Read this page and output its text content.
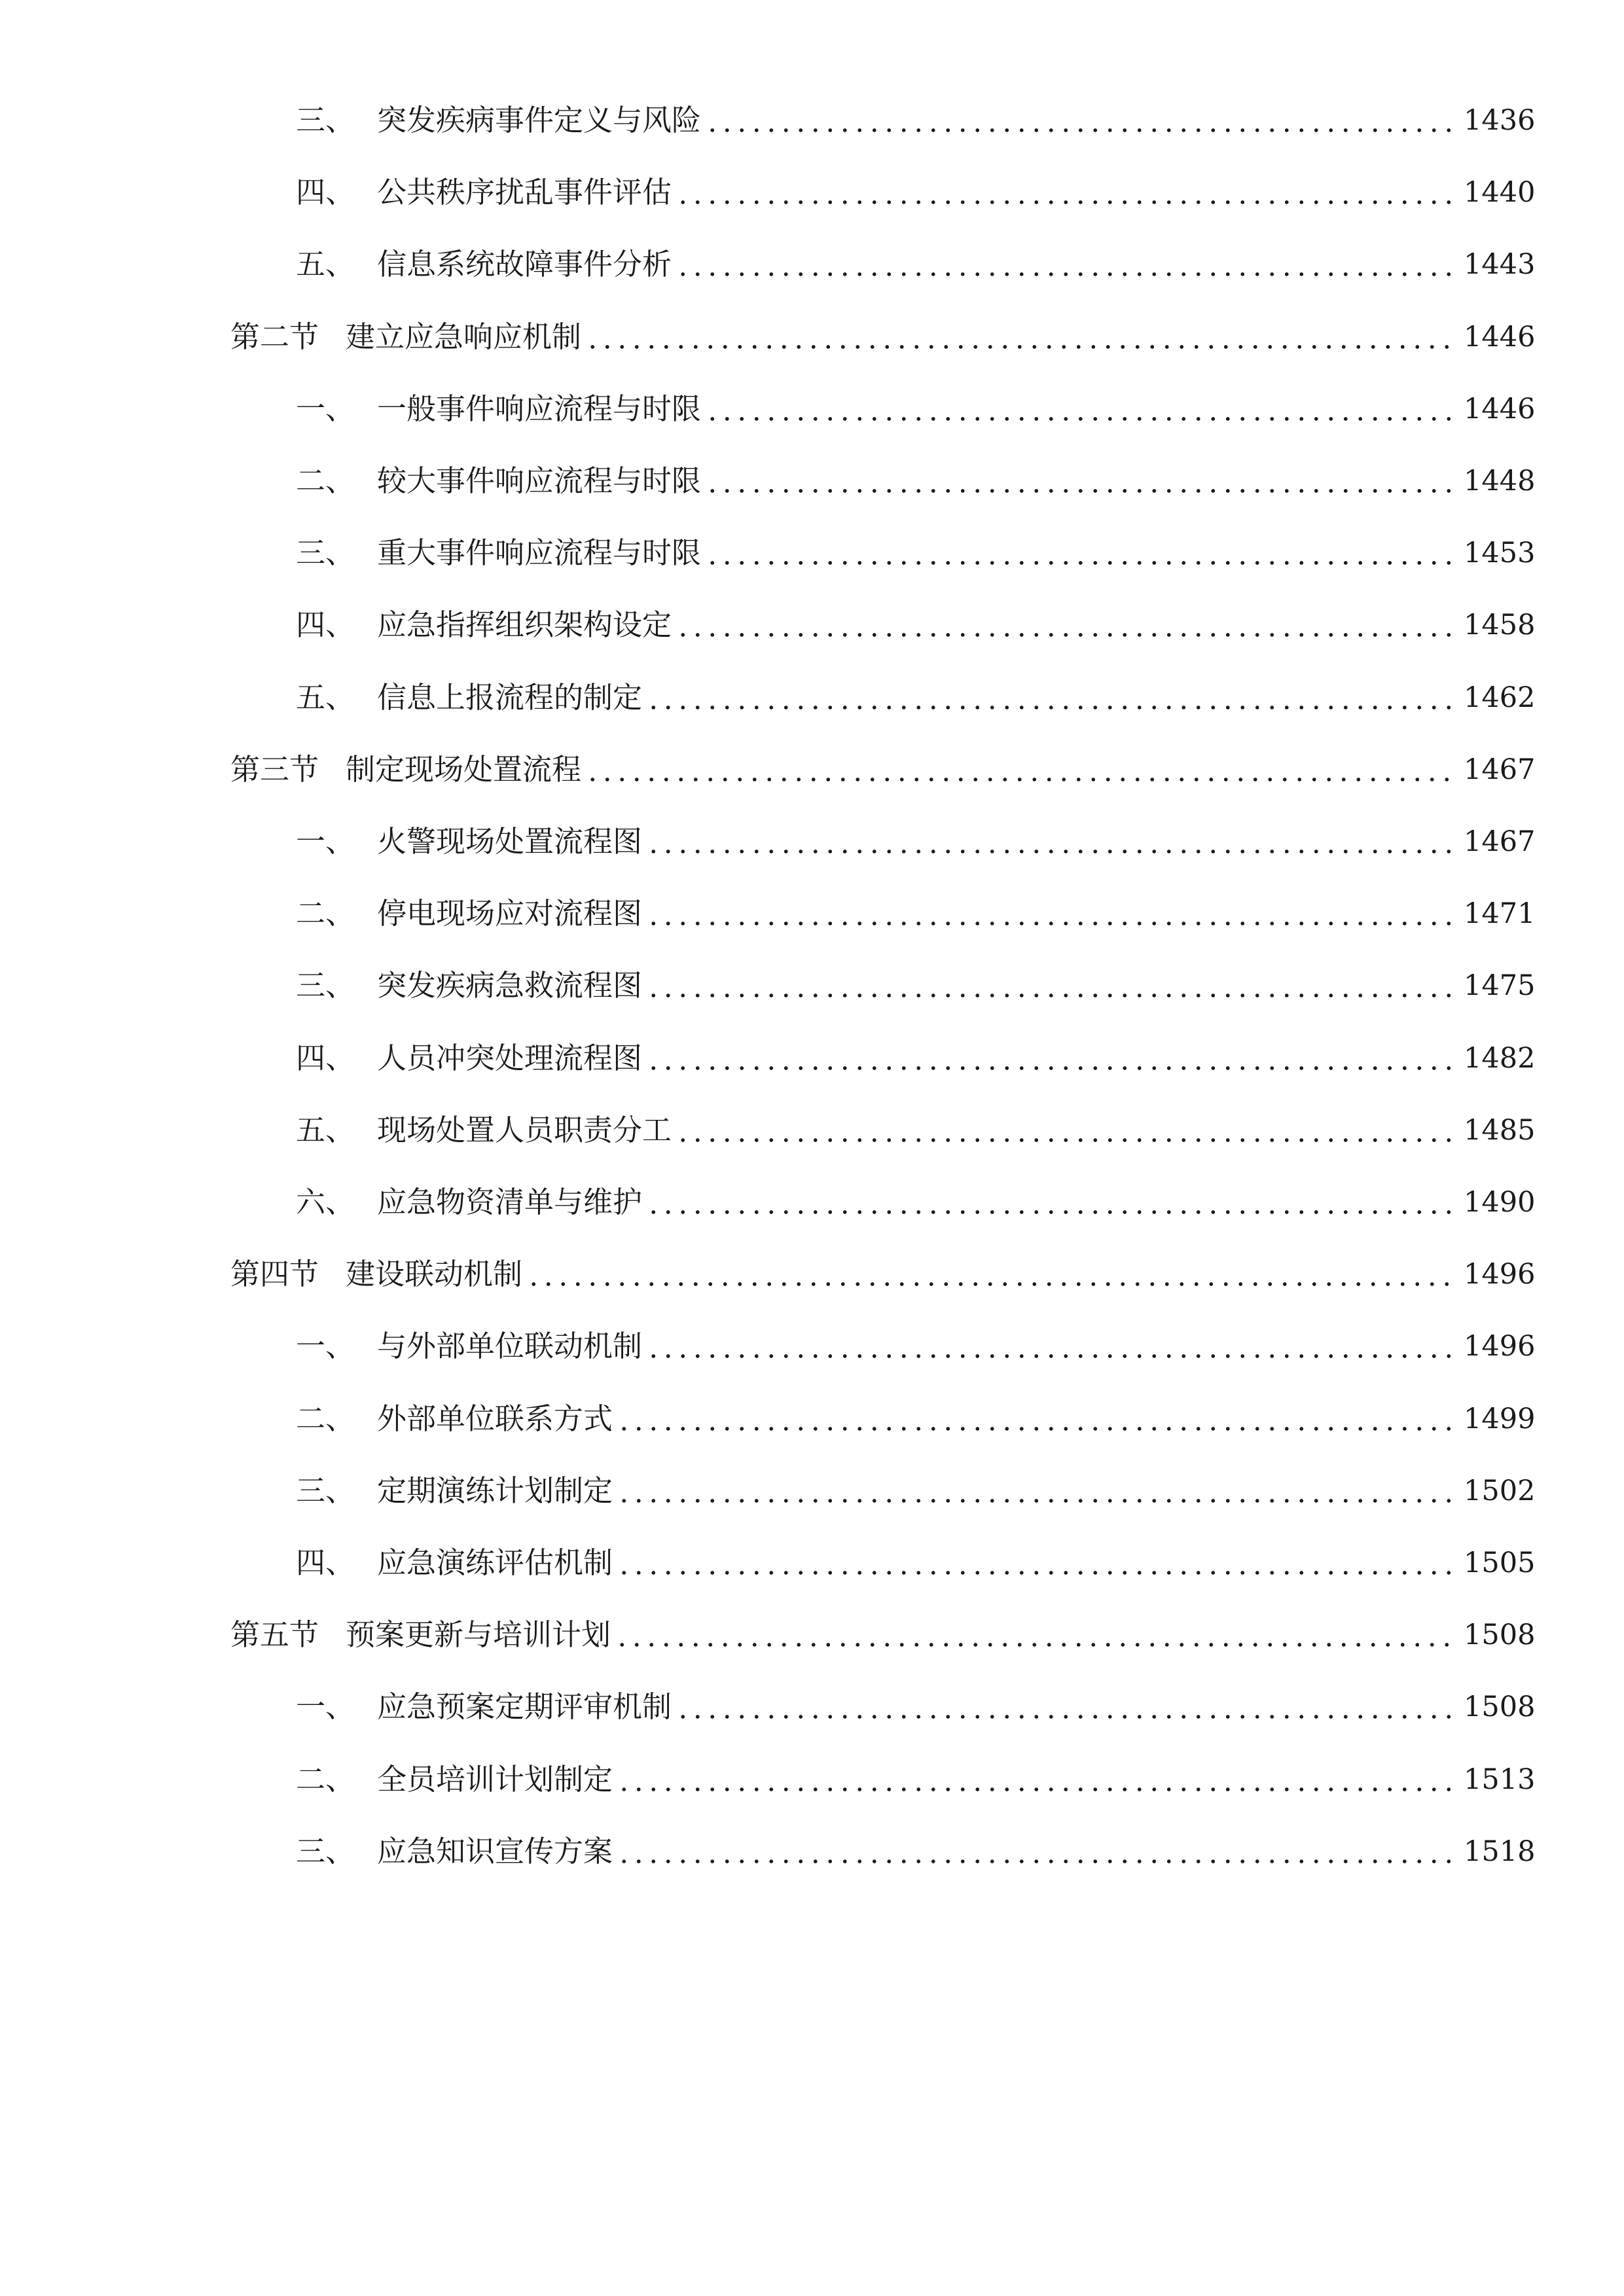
三、 突发疾病事件定义与风险	1436
四、 公共秩序扰乱事件评估	1440
五、 信息系统故障事件分析	1443
第二节 建立应急响应机制	1446
一、 一般事件响应流程与时限	1446
二、 较大事件响应流程与时限	1448
三、 重大事件响应流程与时限	1453
四、 应急指挥组织架构设定	1458
五、 信息上报流程的制定	1462
第三节 制定现场处置流程	1467
一、 火警现场处置流程图	1467
二、 停电现场应对流程图	1471
三、 突发疾病急救流程图	1475
四、 人员冲突处理流程图	1482
五、 现场处置人员职责分工	1485
六、 应急物资清单与维护	1490
第四节 建设联动机制	1496
一、 与外部单位联动机制	1496
二、 外部单位联系方式	1499
三、 定期演练计划制定	1502
四、 应急演练评估机制	1505
第五节 预案更新与培训计划	1508
一、 应急预案定期评审机制	1508
二、 全员培训计划制定	1513
三、 应急知识宣传方案	1518
